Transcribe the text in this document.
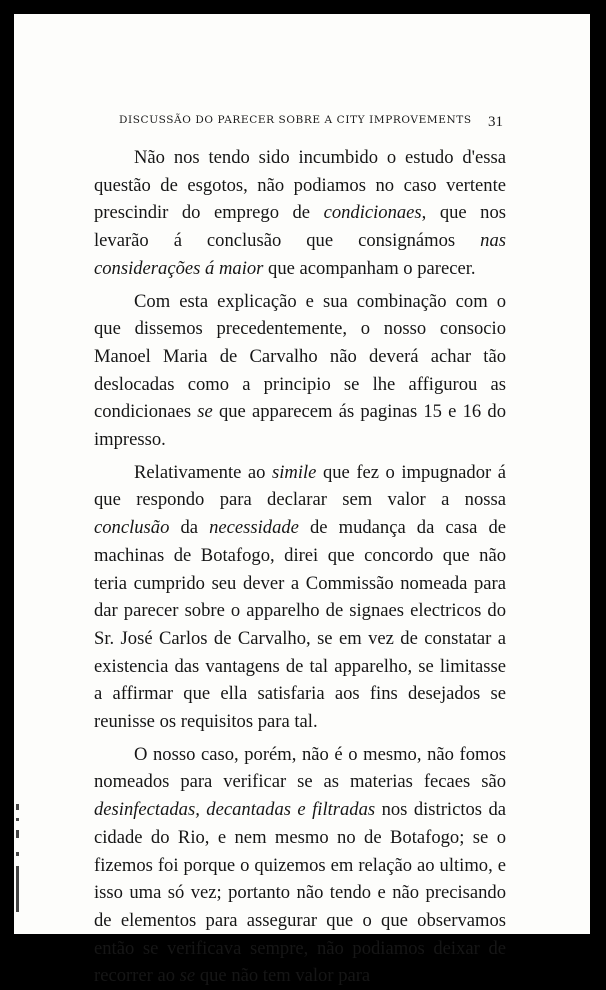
DISCUSSÃO DO PARECER SOBRE A CITY IMPROVEMENTS	31

Não nos tendo sido incumbido o estudo d'essa questão de esgotos, não podiamos no caso vertente prescindir do emprego de condicionaes, que nos levarão á conclusão que consignámos nas considerações á maior que acompanham o parecer.

Com esta explicação e sua combinação com o que dissemos precedentemente, o nosso consocio Manoel Maria de Carvalho não deverá achar tão deslocadas como a principio se lhe affigurou as condicionaes se que apparecem ás paginas 15 e 16 do impresso.

Relativamente ao simile que fez o impugnador á que respondo para declarar sem valor a nossa conclusão da necessidade de mudança da casa de machinas de Botafogo, direi que concordo que não teria cumprido seu dever a Commissão nomeada para dar parecer sobre o apparelho de signaes electricos do Sr. José Carlos de Carvalho, se em vez de constatar a existencia das vantagens de tal apparelho, se limitasse a affirmar que ella satisfaria aos fins desejados se reunisse os requisitos para tal.

O nosso caso, porém, não é o mesmo, não fomos nomeados para verificar se as materias fecaes são desinfectadas, decantadas e filtradas nos districtos da cidade do Rio, e nem mesmo no de Botafogo; se o fizemos foi porque o quizemos em relação ao ultimo, e isso uma só vez; portanto não tendo e não precisando de elementos para assegurar que o que observamos então se verificava sempre, não podiamos deixar de recorrer ao se que não tem valor para
